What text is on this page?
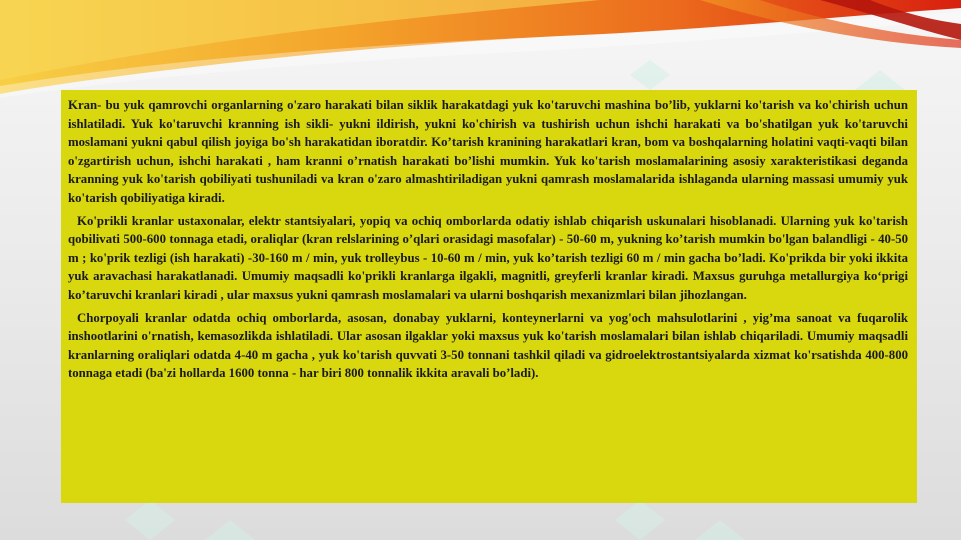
Kran- bu yuk qamrovchi organlarning o'zaro harakati bilan siklik harakatdagi yuk ko'taruvchi mashina bo’lib, yuklarni ko'tarish va ko'chirish uchun ishlatiladi. Yuk ko'taruvchi kranning ish sikli- yukni ildirish, yukni ko'chirish va tushirish uchun ishchi harakati va bo'shatilgan yuk ko'taruvchi moslamani yukni qabul qilish joyiga bo'sh harakatidan iboratdir. Ko’tarish kranining harakatlari kran, bom va boshqalarning holatini vaqti-vaqti bilan o'zgartirish uchun, ishchi harakati , ham kranni o’rnatish harakati bo’lishi mumkin. Yuk ko'tarish moslamalarining asosiy xarakteristikasi deganda kranning yuk ko'tarish qobiliyati tushuniladi va kran o'zaro almashtiriladigan yukni qamrash moslamalarida ishlaganda ularning massasi umumiy yuk ko'tarish qobiliyatiga kiradi.

Ko'prikli kranlar ustaxonalar, elektr stantsiyalari, yopiq va ochiq omborlarda odatiy ishlab chiqarish uskunalari hisoblanadi. Ularning yuk ko'tarish qobilivati 500-600 tonnaga etadi, oraliqlar (kran relslarining o’qlari orasidagi masofalar) - 50-60 m, yukning ko’tarish mumkin bo'lgan balandligi - 40-50 m ; ko'prik tezligi (ish harakati) -30-160 m / min, yuk trolleybus - 10-60 m / min, yuk ko’tarish tezligi 60 m / min gacha bo’ladi. Ko'prikda bir yoki ikkita yuk aravachasi harakatlanadi. Umumiy maqsadli ko'prikli kranlarga ilgakli, magnitli, greyferli kranlar kiradi. Maxsus guruhga metallurgiya ko‘prigi ko’taruvchi kranlari kiradi , ular maxsus yukni qamrash moslamalari va ularni boshqarish mexanizmlari bilan jihozlangan.

Chorpoyali kranlar odatda ochiq omborlarda, asosan, donabay yuklarni, konteynerlarni va yog'och mahsulotlarini , yig’ma sanoat va fuqarolik inshootlarini o'rnatish, kemasozlikda ishlatiladi. Ular asosan ilgaklar yoki maxsus yuk ko'tarish moslamalari bilan ishlab chiqariladi. Umumiy maqsadli kranlarning oraliqlari odatda 4-40 m gacha , yuk ko'tarish quvvati 3-50 tonnani tashkil qiladi va gidroelektrostantsiyalarda xizmat ko'rsatishda 400-800 tonnaga etadi (ba'zi hollarda 1600 tonna - har biri 800 tonnalik ikkita aravali bo’ladi).
